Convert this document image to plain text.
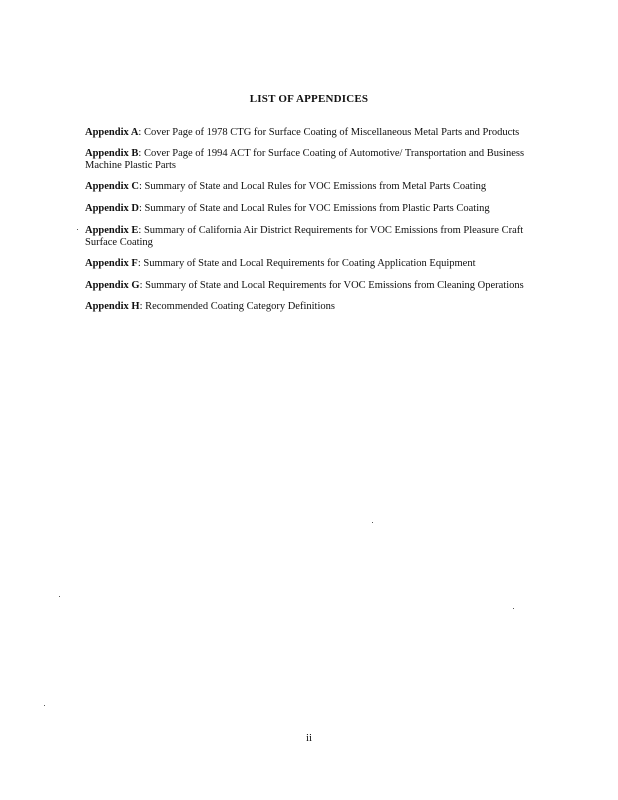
LIST OF APPENDICES
Appendix A: Cover Page of 1978 CTG for Surface Coating of Miscellaneous Metal Parts and Products
Appendix B: Cover Page of 1994 ACT for Surface Coating of Automotive/ Transportation and Business Machine Plastic Parts
Appendix C: Summary of State and Local Rules for VOC Emissions from Metal Parts Coating
Appendix D: Summary of State and Local Rules for VOC Emissions from Plastic Parts Coating
Appendix E: Summary of California Air District Requirements for VOC Emissions from Pleasure Craft Surface Coating
Appendix F: Summary of State and Local Requirements for Coating Application Equipment
Appendix G: Summary of State and Local Requirements for VOC Emissions from Cleaning Operations
Appendix H: Recommended Coating Category Definitions

ii
